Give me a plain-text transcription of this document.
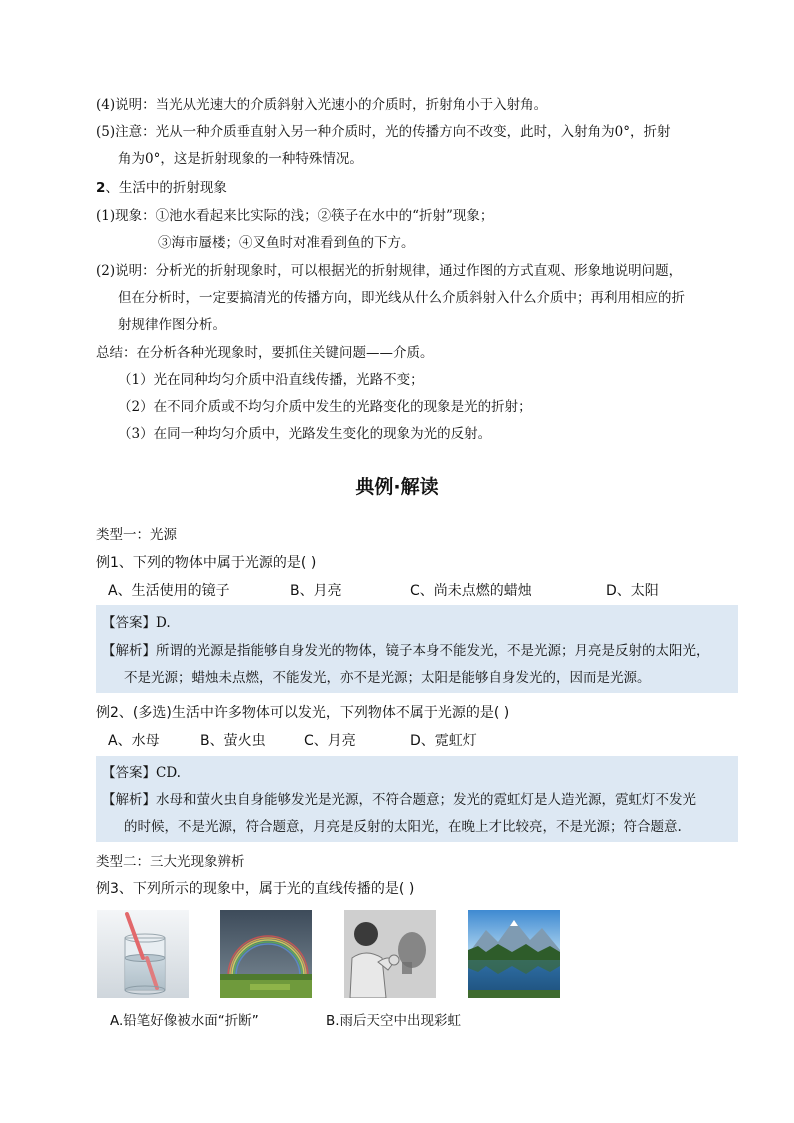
(4)说明：当光从光速大的介质斜射入光速小的介质时，折射角小于入射角。
(5)注意：光从一种介质垂直射入另一种介质时，光的传播方向不改变，此时，入射角为0°，折射
角为0°，这是折射现象的一种特殊情况。
2、生活中的折射现象
(1)现象：①池水看起来比实际的浅；②筷子在水中的“折射”现象；
③海市蜃楼；④叉鱼时对准看到鱼的下方。
(2)说明：分析光的折射现象时，可以根据光的折射规律，通过作图的方式直观、形象地说明问题，
但在分析时，一定要搞清光的传播方向，即光线从什么介质斜射入什么介质中；再利用相应的折
射规律作图分析。
总结：在分析各种光现象时，要抓住关键问题——介质。
（1）光在同种均匀介质中沿直线传播，光路不变；
（2）在不同介质或不均匀介质中发生的光路变化的现象是光的折射；
（3）在同一种均匀介质中，光路发生变化的现象为光的反射。
典例·解读
类型一：光源
例1、下列的物体中属于光源的是( )
A、生活使用的镜子	B、月亮	C、尚未点燃的蜡烛	D、太阳
【答案】D.
【解析】所谓的光源是指能够自身发光的物体，镜子本身不能发光，不是光源；月亮是反射的太阳光，
不是光源；蜡烛未点燃，不能发光，亦不是光源；太阳是能够自身发光的，因而是光源。
例2、(多选)生活中许多物体可以发光，下列物体不属于光源的是( )
A、水母	B、萤火虫	C、月亮	D、霓虹灯
【答案】CD.
【解析】水母和萤火虫自身能够发光是光源，不符合题意；发光的霓虹灯是人造光源，霓虹灯不发光
的时候，不是光源，符合题意，月亮是反射的太阳光，在晚上才比较亮，不是光源；符合题意.
类型二：三大光现象辨析
例3、下列所示的现象中，属于光的直线传播的是( )
A.铅笔好像被水面“折断”	B.雨后天空中出现彩虹
